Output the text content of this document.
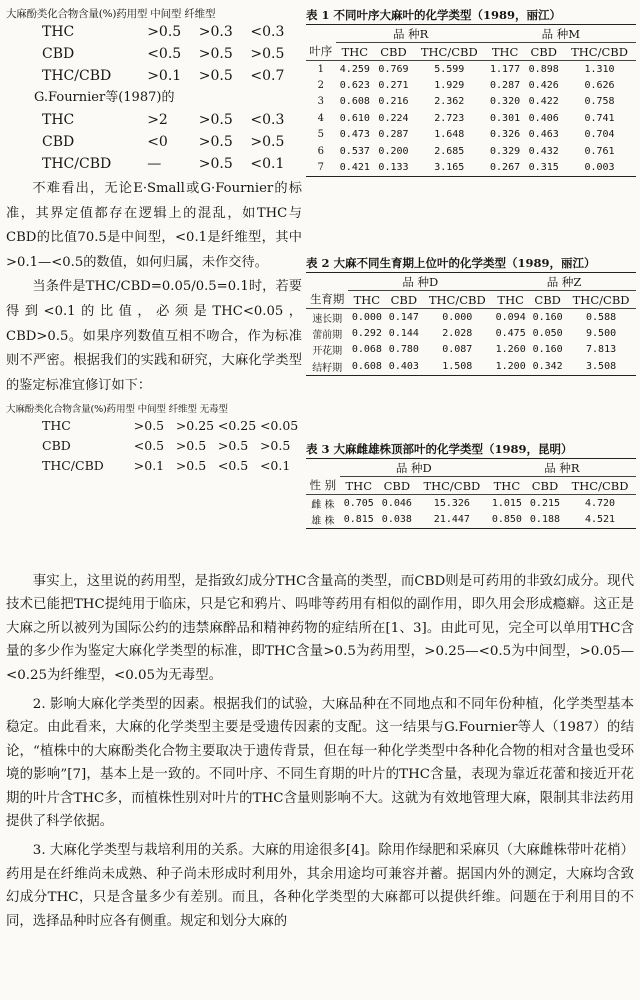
大麻酚类化合物含量(%)药用型 中间型 纤维型
THC	>0.5	>0.3	<0.3
CBD	<0.5	>0.5	>0.5
THC/CBD	>0.1	>0.5	<0.7
G.Fournier等(1987)的
THC	>2	>0.5	<0.3
CBD	<0	>0.5	>0.5
THC/CBD	—	>0.5	<0.1

不难看出，无论E·Small或G·Fournier的标准，其界定值都存在逻辑上的混乱，如THC与CBD的比值70.5是中间型，<0.1是纤维型，其中>0.1—<0.5的数值，如何归属，未作交待。

当条件是THC/CBD=0.05/0.5=0.1时，若要得到<0.1的比值，必须是THC<0.05，CBD>0.5。如果序列数值互相不吻合，作为标准则不严密。根据我们的实践和研究，大麻化学类型的鉴定标准宜修订如下：

大麻酚类化合物含量(%)药用型 中间型 纤维型 无毒型
THC	>0.5 >0.25 <0.25 <0.05
CBD	<0.5 >0.5 >0.5 >0.5
THC/CBD	>0.1 >0.5 <0.5 <0.1
表 1 不同叶序大麻叶的化学类型（1989，丽江）
	品 种R			品 种M		
叶序	THC	CBD	THC/CBD	THC	CBD	THC/CBD
1	4.259	0.769	5.599	1.177	0.898	1.310
2	0.623	0.271	1.929	0.287	0.426	0.626
3	0.608	0.216	2.362	0.320	0.422	0.758
4	0.610	0.224	2.723	0.301	0.406	0.741
5	0.473	0.287	1.648	0.326	0.463	0.704
6	0.537	0.200	2.685	0.329	0.432	0.761
7	0.421	0.133	3.165	0.267	0.315	0.003
表 2 大麻不同生育期上位叶的化学类型（1989，丽江）
	品 种D			品 种Z		
生育期	THC	CBD	THC/CBD	THC	CBD	THC/CBD
速长期	0.000	0.147	0.000	0.094	0.160	0.588
蕾前期	0.292	0.144	2.028	0.475	0.050	9.500
开花期	0.068	0.780	0.087	1.260	0.160	7.813
结籽期	0.608	0.403	1.508	1.200	0.342	3.508
表 3 大麻雌雄株顶部叶的化学类型（1989，昆明）
	品 种D			品 种R		
性 别	THC	CBD	THC/CBD	THC	CBD	THC/CBD
雌 株	0.705	0.046	15.326	1.015	0.215	4.720
雄 株	0.815	0.038	21.447	0.850	0.188	4.521

事实上，这里说的药用型，是指致幻成分THC含量高的类型，而CBD则是可药用的非致幻成分。现代技术已能把THC提纯用于临床，只是它和鸦片、吗啡等药用有相似的副作用，即久用会形成瘾癖。这正是大麻之所以被列为国际公约的违禁麻醉品和精神药物的症结所在[1、3]。由此可见，完全可以单用THC含量的多少作为鉴定大麻化学类型的标准，即THC含量>0.5为药用型，>0.25—<0.5为中间型，>0.05—<0.25为纤维型，<0.05为无毒型。

2. 影响大麻化学类型的因素。根据我们的试验，大麻品种在不同地点和不同年份种植，化学类型基本稳定。由此看来，大麻的化学类型主要是受遗传因素的支配。这一结果与G.Fournier等人（1987）的结论，“植株中的大麻酚类化合物主要取决于遗传背景，但在每一种化学类型中各种化合物的相对含量也受环境的影响”[7]，基本上是一致的。不同叶序、不同生育期的叶片的THC含量，表现为靠近花蕾和接近开花期的叶片含THC多，而植株性别对叶片的THC含量则影响不大。这就为有效地管理大麻，限制其非法药用提供了科学依据。

3. 大麻化学类型与栽培利用的关系。大麻的用途很多[4]。除用作绿肥和采麻贝（大麻雌株带叶花梢）药用是在纤维尚未成熟、种子尚未形成时利用外，其余用途均可兼容并蓄。据国内外的测定，大麻均含致幻成分THC，只是含量多少有差别。而且，各种化学类型的大麻都可以提供纤维。问题在于利用目的不同，选择品种时应各有侧重。规定和划分大麻的
